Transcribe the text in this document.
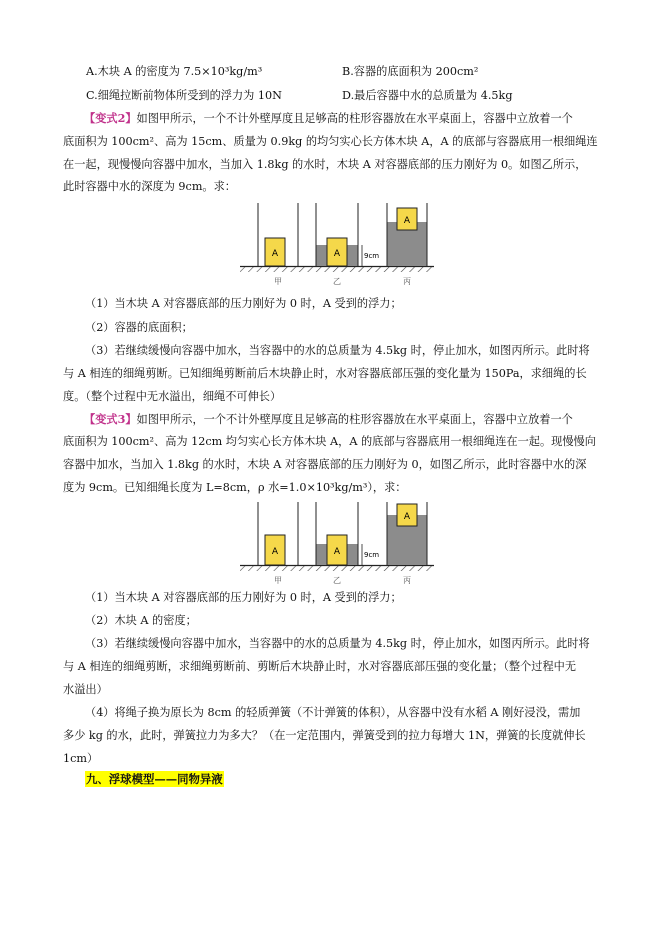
A.木块 A 的密度为 7.5×10³kg/m³	B.容器的底面积为 200cm²
C.细绳拉断前物体所受到的浮力为 10N	D.最后容器中水的总质量为 4.5kg
【变式2】如图甲所示，一个不计外壁厚度且足够高的柱形容器放在水平桌面上，容器中立放着一个
底面积为 100cm²、高为 15cm、质量为 0.9kg 的均匀实心长方体木块 A，A 的底部与容器底用一根细绳连
在一起，现慢慢向容器中加水，当加入 1.8kg 的水时，木块 A 对容器底部的压力刚好为 0。如图乙所示，
此时容器中水的深度为 9cm。求：
A	A	9cm
A
甲	乙	丙
（1）当木块 A 对容器底部的压力刚好为 0 时，A 受到的浮力；
（2）容器的底面积；
（3）若继续缓慢向容器中加水，当容器中的水的总质量为 4.5kg 时，停止加水，如图丙所示。此时将
与 A 相连的细绳剪断。已知细绳剪断前后木块静止时，水对容器底部压强的变化量为 150Pa，求细绳的长
度。（整个过程中无水溢出，细绳不可伸长）
【变式3】如图甲所示，一个不计外壁厚度且足够高的柱形容器放在水平桌面上，容器中立放着一个
底面积为 100cm²、高为 12cm 均匀实心长方体木块 A，A 的底部与容器底用一根细绳连在一起。现慢慢向
容器中加水，当加入 1.8kg 的水时，木块 A 对容器底部的压力刚好为 0，如图乙所示，此时容器中水的深
度为 9cm。已知细绳长度为 L=8cm，ρ 水=1.0×10³kg/m³），求：
A	A	9cm
A
甲	乙	丙
（1）当木块 A 对容器底部的压力刚好为 0 时，A 受到的浮力；
（2）木块 A 的密度；
（3）若继续缓慢向容器中加水，当容器中的水的总质量为 4.5kg 时，停止加水，如图丙所示。此时将
与 A 相连的细绳剪断，求细绳剪断前、剪断后木块静止时，水对容器底部压强的变化量；（整个过程中无
水溢出）
（4）将绳子换为原长为 8cm 的轻质弹簧（不计弹簧的体积），从容器中没有水稻 A 刚好浸没，需加
多少 kg 的水，此时，弹簧拉力为多大？（在一定范围内，弹簧受到的拉力每增大 1N，弹簧的长度就伸长
1cm）
九、浮球模型——同物异液
